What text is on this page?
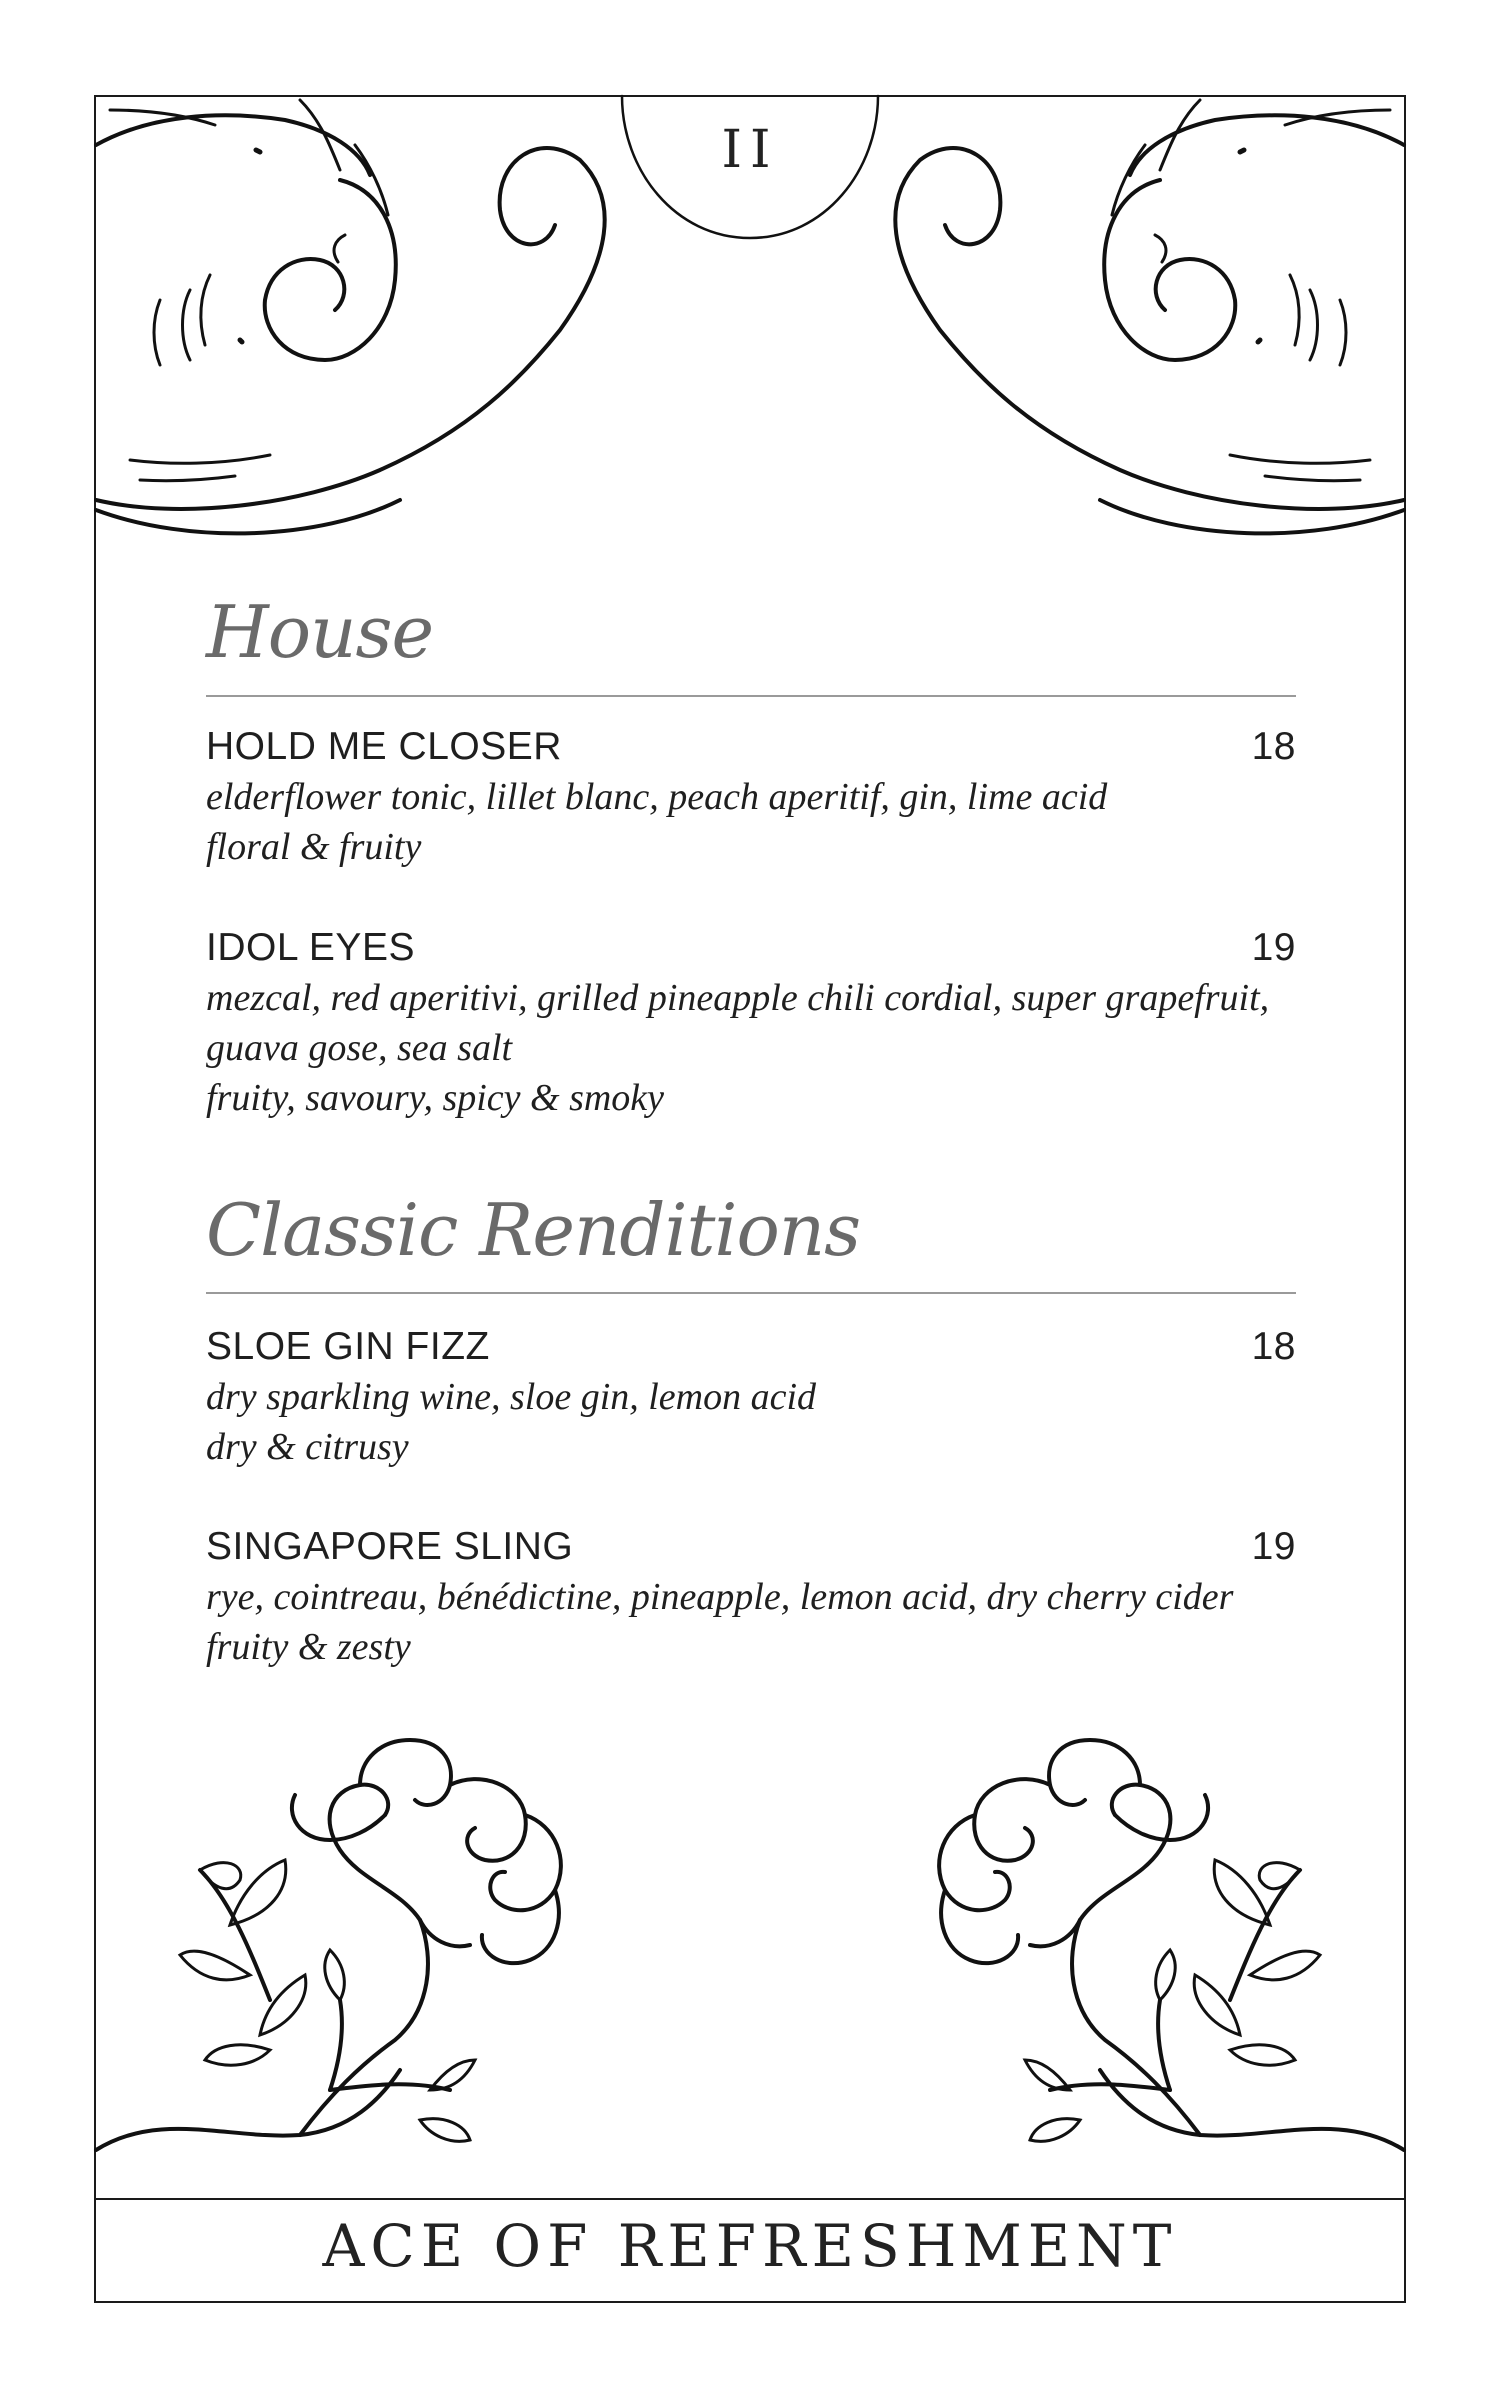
II
House
HOLD ME CLOSER	18
elderflower tonic, lillet blanc, peach aperitif, gin, lime acid
floral & fruity
IDOL EYES	19
mezcal, red aperitivi, grilled pineapple chili cordial, super grapefruit,
guava gose, sea salt
fruity, savoury, spicy & smoky
Classic Renditions
SLOE GIN FIZZ	18
dry sparkling wine, sloe gin, lemon acid
dry & citrusy
SINGAPORE SLING	19
rye, cointreau, bénédictine, pineapple, lemon acid, dry cherry cider
fruity & zesty
ACE OF REFRESHMENT
